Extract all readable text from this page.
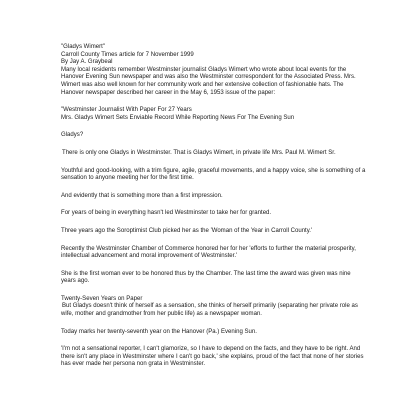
"Gladys Wimert"

Carroll County Times article for 7 November 1999

By Jay A. Graybeal

Many local residents remember Westminster journalist Gladys Wimert who wrote about local events for the Hanover Evening Sun newspaper and was also the Westminster correspondent for the Associated Press. Mrs. Wimert was also well known for her community work and her extensive collection of fashionable hats. The Hanover newspaper described her career in the May 6, 1953 issue of the paper:

"Westminster Journalist With Paper For 27 Years

Mrs. Gladys Wimert Sets Enviable Record While Reporting News For The Evening Sun

Gladys?

There is only one Gladys in Westminster. That is Gladys Wimert, in private life Mrs. Paul M. Wimert Sr.

Youthful and good-looking, with a trim figure, agile, graceful movements, and a happy voice, she is something of a sensation to anyone meeting her for the first time.

And evidently that is something more than a first impression.

For years of being in everything hasn't led Westminster to take her for granted.

Three years ago the Soroptimist Club picked her as the 'Woman of the Year in Carroll County.'

Recently the Westminster Chamber of Commerce honored her for her 'efforts to further the material prosperity, intellectual advancement and moral improvement of Westminster.'

She is the first woman ever to be honored thus by the Chamber. The last time the award was given was nine years ago.

Twenty-Seven Years on Paper

But Gladys doesn't think of herself as a sensation, she thinks of herself primarily (separating her private role as wife, mother and grandmother from her public life) as a newspaper woman.

Today marks her twenty-seventh year on the Hanover (Pa.) Evening Sun.

'I'm not a sensational reporter, I can't glamorize, so I have to depend on the facts, and they have to be right. And there isn't any place in Westminster where I can't go back,' she explains, proud of the fact that none of her stories has ever made her persona non grata in Westminster.
